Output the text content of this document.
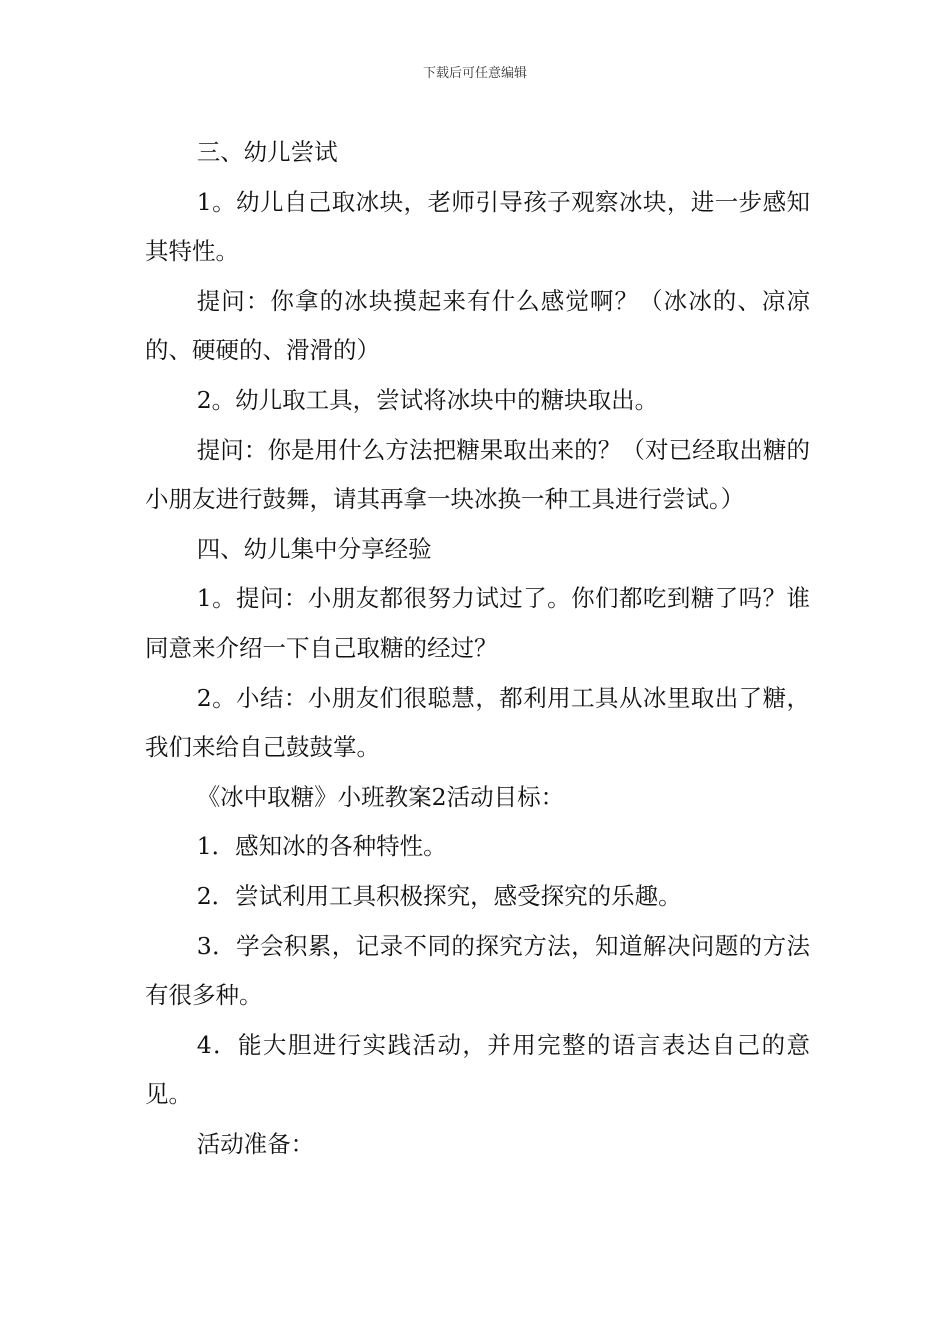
下载后可任意编辑

三、幼儿尝试

1。幼儿自己取冰块，老师引导孩子观察冰块，进一步感知其特性。

提问：你拿的冰块摸起来有什么感觉啊？（冰冰的、凉凉的、硬硬的、滑滑的）

2。幼儿取工具，尝试将冰块中的糖块取出。

提问：你是用什么方法把糖果取出来的？（对已经取出糖的小朋友进行鼓舞，请其再拿一块冰换一种工具进行尝试。）

四、幼儿集中分享经验

1。提问：小朋友都很努力试过了。你们都吃到糖了吗？谁同意来介绍一下自己取糖的经过？

2。小结：小朋友们很聪慧，都利用工具从冰里取出了糖，我们来给自己鼓鼓掌。

《冰中取糖》小班教案2活动目标：

1．感知冰的各种特性。

2．尝试利用工具积极探究，感受探究的乐趣。

3．学会积累，记录不同的探究方法，知道解决问题的方法有很多种。

4．能大胆进行实践活动，并用完整的语言表达自己的意见。

活动准备：
